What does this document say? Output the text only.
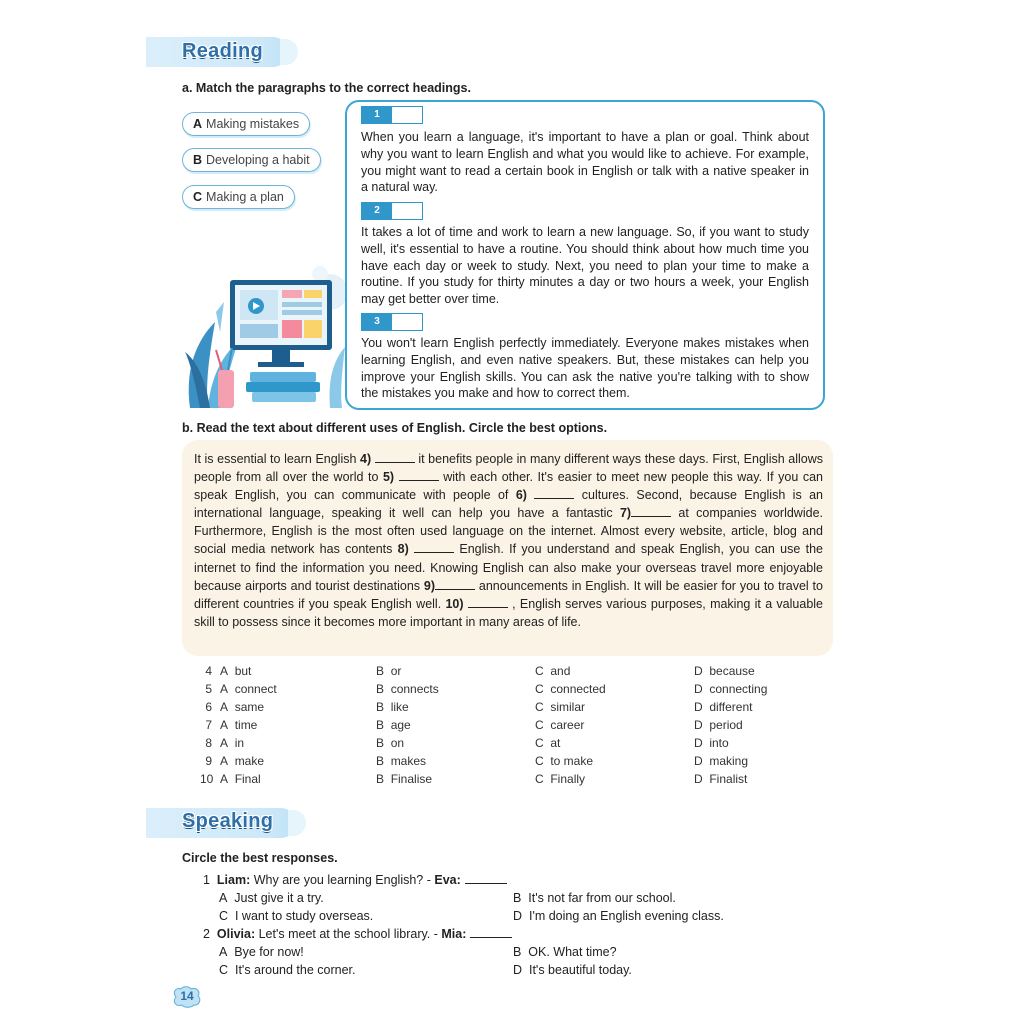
Reading
a. Match the paragraphs to the correct headings.
A Making mistakes
B Developing a habit
C Making a plan
1
When you learn a language, it's important to have a plan or goal. Think about why you want to learn English and what you would like to achieve. For example, you might want to read a certain book in English or talk with a native speaker in a natural way.
2
It takes a lot of time and work to learn a new language. So, if you want to study well, it's essential to have a routine. You should think about how much time you have each day or week to study. Next, you need to plan your time to make a routine. If you study for thirty minutes a day or two hours a week, your English may get better over time.
3
You won't learn English perfectly immediately. Everyone makes mistakes when learning English, and even native speakers. But, these mistakes can help you improve your English skills. You can ask the native you're talking with to show the mistakes you make and how to correct them.
b. Read the text about different uses of English. Circle the best options.
It is essential to learn English 4)	it benefits people in many different ways these days. First, English allows people from all over the world to 5)	with each other. It's easier to meet new people this way. If you can speak English, you can communicate with people of 6)	cultures. Second, because English is an international language, speaking it well can help you have a fantastic 7)	at companies worldwide. Furthermore, English is the most often used language on the internet. Almost every website, article, blog and social media network has contents 8)	English. If you understand and speak English, you can use the internet to find the information you need. Knowing English can also make your overseas travel more enjoyable because airports and tourist destinations 9)	announcements in English. It will be easier for you to travel to different countries if you speak English well. 10)	, English serves various purposes, making it a valuable skill to possess since it becomes more important in many areas of life.
4 A but	B or	C and	D because
5 A connect	B connects	C connected	D connecting
6 A same	B like	C similar	D different
7 A time	B age	C career	D period
8 A in	B on	C at	D into
9 A make	B makes	C to make	D making
10 A Final	B Finalise	C Finally	D Finalist
Speaking
Circle the best responses.
1 Liam: Why are you learning English? - Eva:
A  Just give it a try.	B  It's not far from our school.
C  I want to study overseas.	D  I'm doing an English evening class.
2 Olivia: Let's meet at the school library. - Mia:
A  Bye for now!	B  OK. What time?
C  It's around the corner.	D  It's beautiful today.
14
